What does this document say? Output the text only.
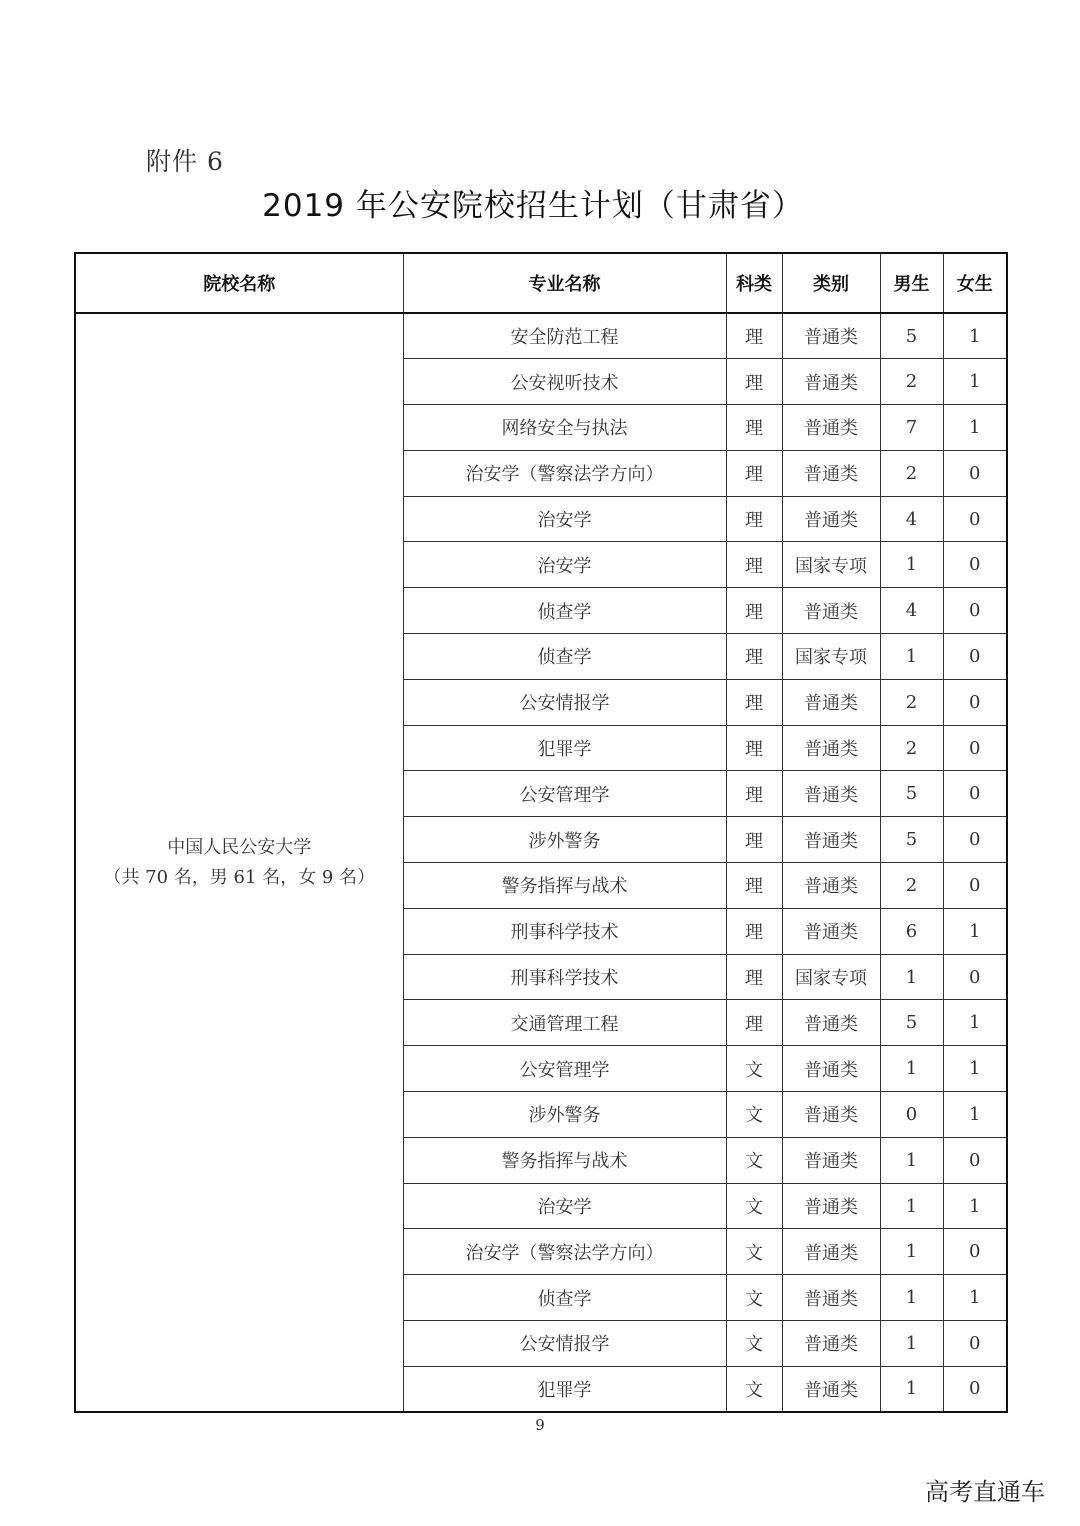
附件 6
2019 年公安院校招生计划（甘肃省）
院校名称	专业名称	科类	类别	男生	女生

中国人民公安大学
（共 70 名，男 61 名，女 9 名）	安全防范工程	理	普通类	5	1
	公安视听技术	理	普通类	2	1
	网络安全与执法	理	普通类	7	1
	治安学（警察法学方向）	理	普通类	2	0
	治安学	理	普通类	4	0
	治安学	理	国家专项	1	0
	侦查学	理	普通类	4	0
	侦查学	理	国家专项	1	0
	公安情报学	理	普通类	2	0
	犯罪学	理	普通类	2	0
	公安管理学	理	普通类	5	0
	涉外警务	理	普通类	5	0
	警务指挥与战术	理	普通类	2	0
	刑事科学技术	理	普通类	6	1
	刑事科学技术	理	国家专项	1	0
	交通管理工程	理	普通类	5	1
	公安管理学	文	普通类	1	1
	涉外警务	文	普通类	0	1
	警务指挥与战术	文	普通类	1	0
	治安学	文	普通类	1	1
	治安学（警察法学方向）	文	普通类	1	0
	侦查学	文	普通类	1	1
	公安情报学	文	普通类	1	0
	犯罪学	文	普通类	1	0
9
高考直通车
